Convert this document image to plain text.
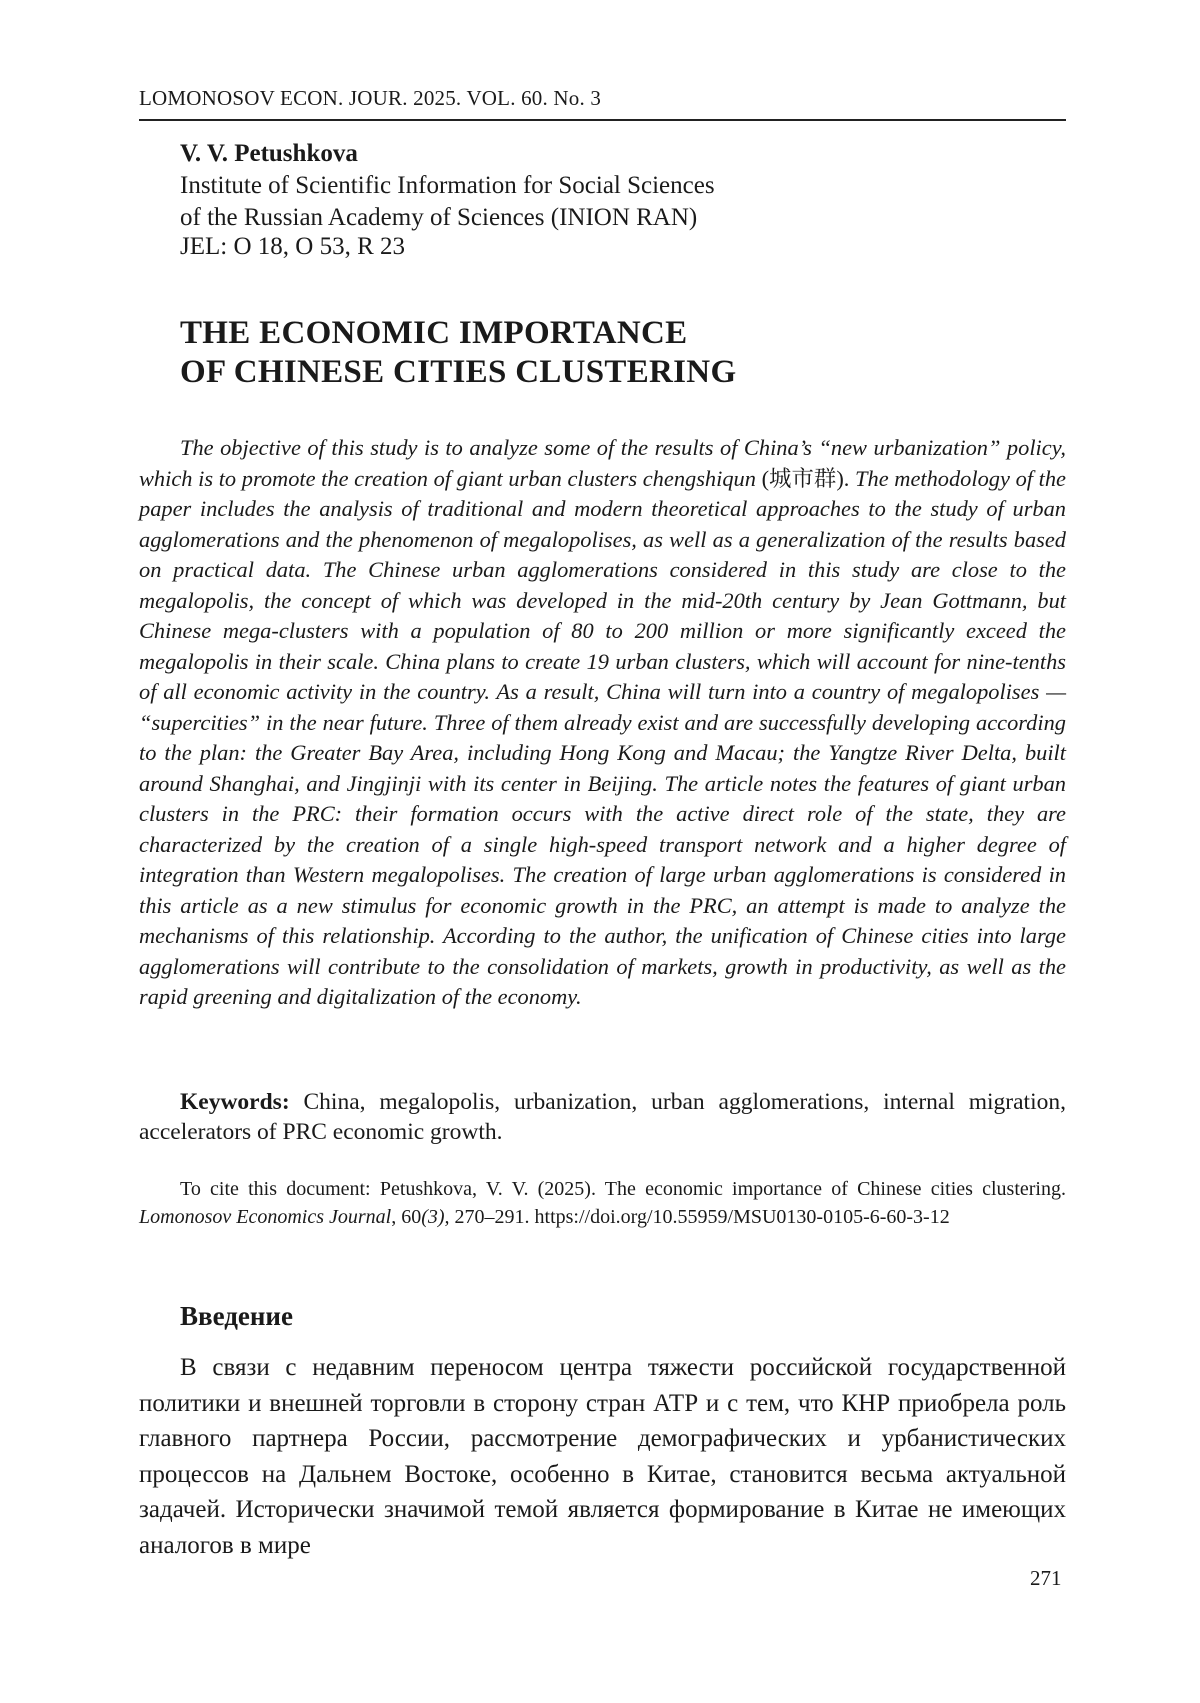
LOMONOSOV ECON. JOUR. 2025. VOL. 60. No. 3
V. V. Petushkova
Institute of Scientific Information for Social Sciences
of the Russian Academy of Sciences (INION RAN)
JEL: O 18, O 53, R 23
THE ECONOMIC IMPORTANCE
OF CHINESE CITIES CLUSTERING
The objective of this study is to analyze some of the results of China’s “new urbanization” policy, which is to promote the creation of giant urban clusters chengshiqun (城市群). The methodology of the paper includes the analysis of traditional and modern theoretical approaches to the study of urban agglomerations and the phenomenon of megalopolises, as well as a generalization of the results based on practical data. The Chinese urban agglomerations considered in this study are close to the megalopolis, the concept of which was developed in the mid-20th century by Jean Gottmann, but Chinese mega-clusters with a population of 80 to 200 million or more significantly exceed the megalopolis in their scale. China plans to create 19 urban clusters, which will account for nine-tenths of all economic activity in the country. As a result, China will turn into a country of megalopolises — “supercities” in the near future. Three of them already exist and are successfully developing according to the plan: the Greater Bay Area, including Hong Kong and Macau; the Yangtze River Delta, built around Shanghai, and Jingjinji with its center in Beijing. The article notes the features of giant urban clusters in the PRC: their formation occurs with the active direct role of the state, they are characterized by the creation of a single high-speed transport network and a higher degree of integration than Western megalopolises. The creation of large urban agglomerations is considered in this article as a new stimulus for economic growth in the PRC, an attempt is made to analyze the mechanisms of this relationship. According to the author, the unification of Chinese cities into large agglomerations will contribute to the consolidation of markets, growth in productivity, as well as the rapid greening and digitalization of the economy.
Keywords: China, megalopolis, urbanization, urban agglomerations, internal migration, accelerators of PRC economic growth.
To cite this document: Petushkova, V. V. (2025). The economic importance of Chinese cities clustering. Lomonosov Economics Journal, 60(3), 270–291. https://doi.org/10.55959/MSU0130-0105-6-60-3-12
Введение
В связи с недавним переносом центра тяжести российской государственной политики и внешней торговли в сторону стран АТР и с тем, что КНР приобрела роль главного партнера России, рассмотрение демографических и урбанистических процессов на Дальнем Востоке, особенно в Китае, становится весьма актуальной задачей. Исторически значимой темой является формирование в Китае не имеющих аналогов в мире
271
